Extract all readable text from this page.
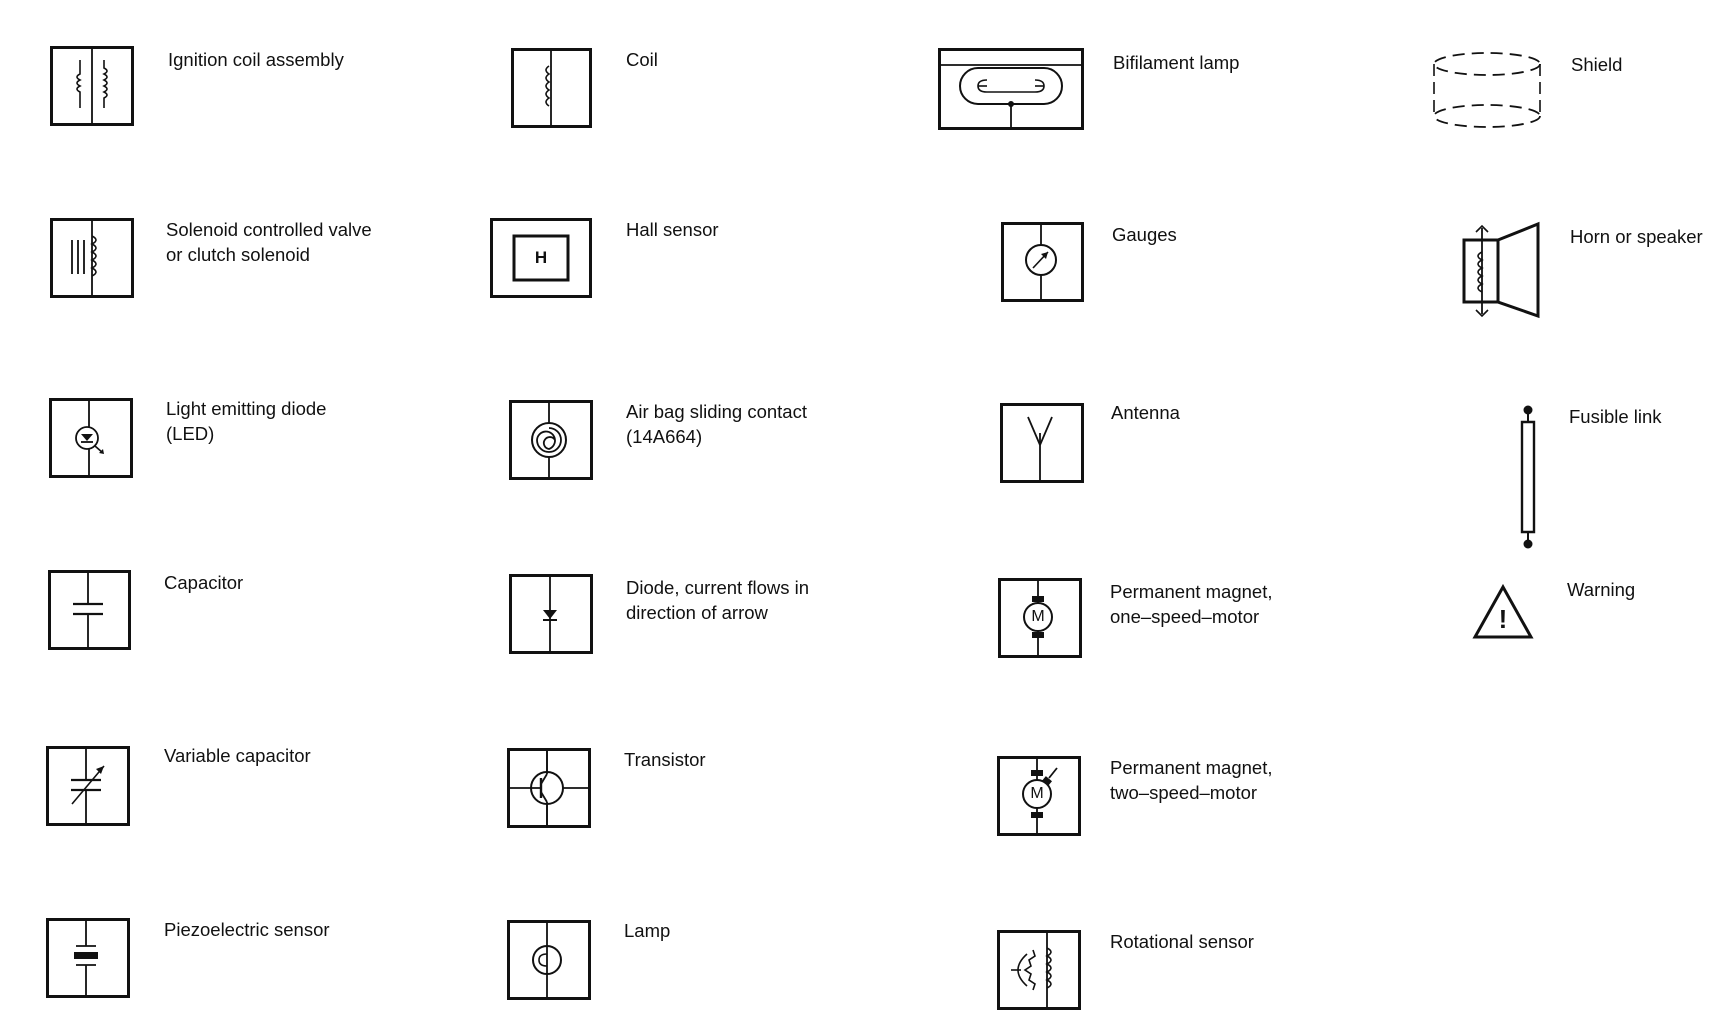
Ignition coil assembly
Solenoid controlled valve
or clutch solenoid
Light emitting diode
(LED)
Capacitor
Variable capacitor
Piezoelectric sensor
Coil
H
Hall sensor
Air bag sliding contact
(14A664)
Diode, current flows in
direction of arrow
Transistor
Lamp
Bifilament lamp
Gauges
Antenna
M
Permanent magnet,
one–speed–motor
M
Permanent magnet,
two–speed–motor
Rotational sensor
Shield
Horn or speaker
Fusible link
!
Warning
